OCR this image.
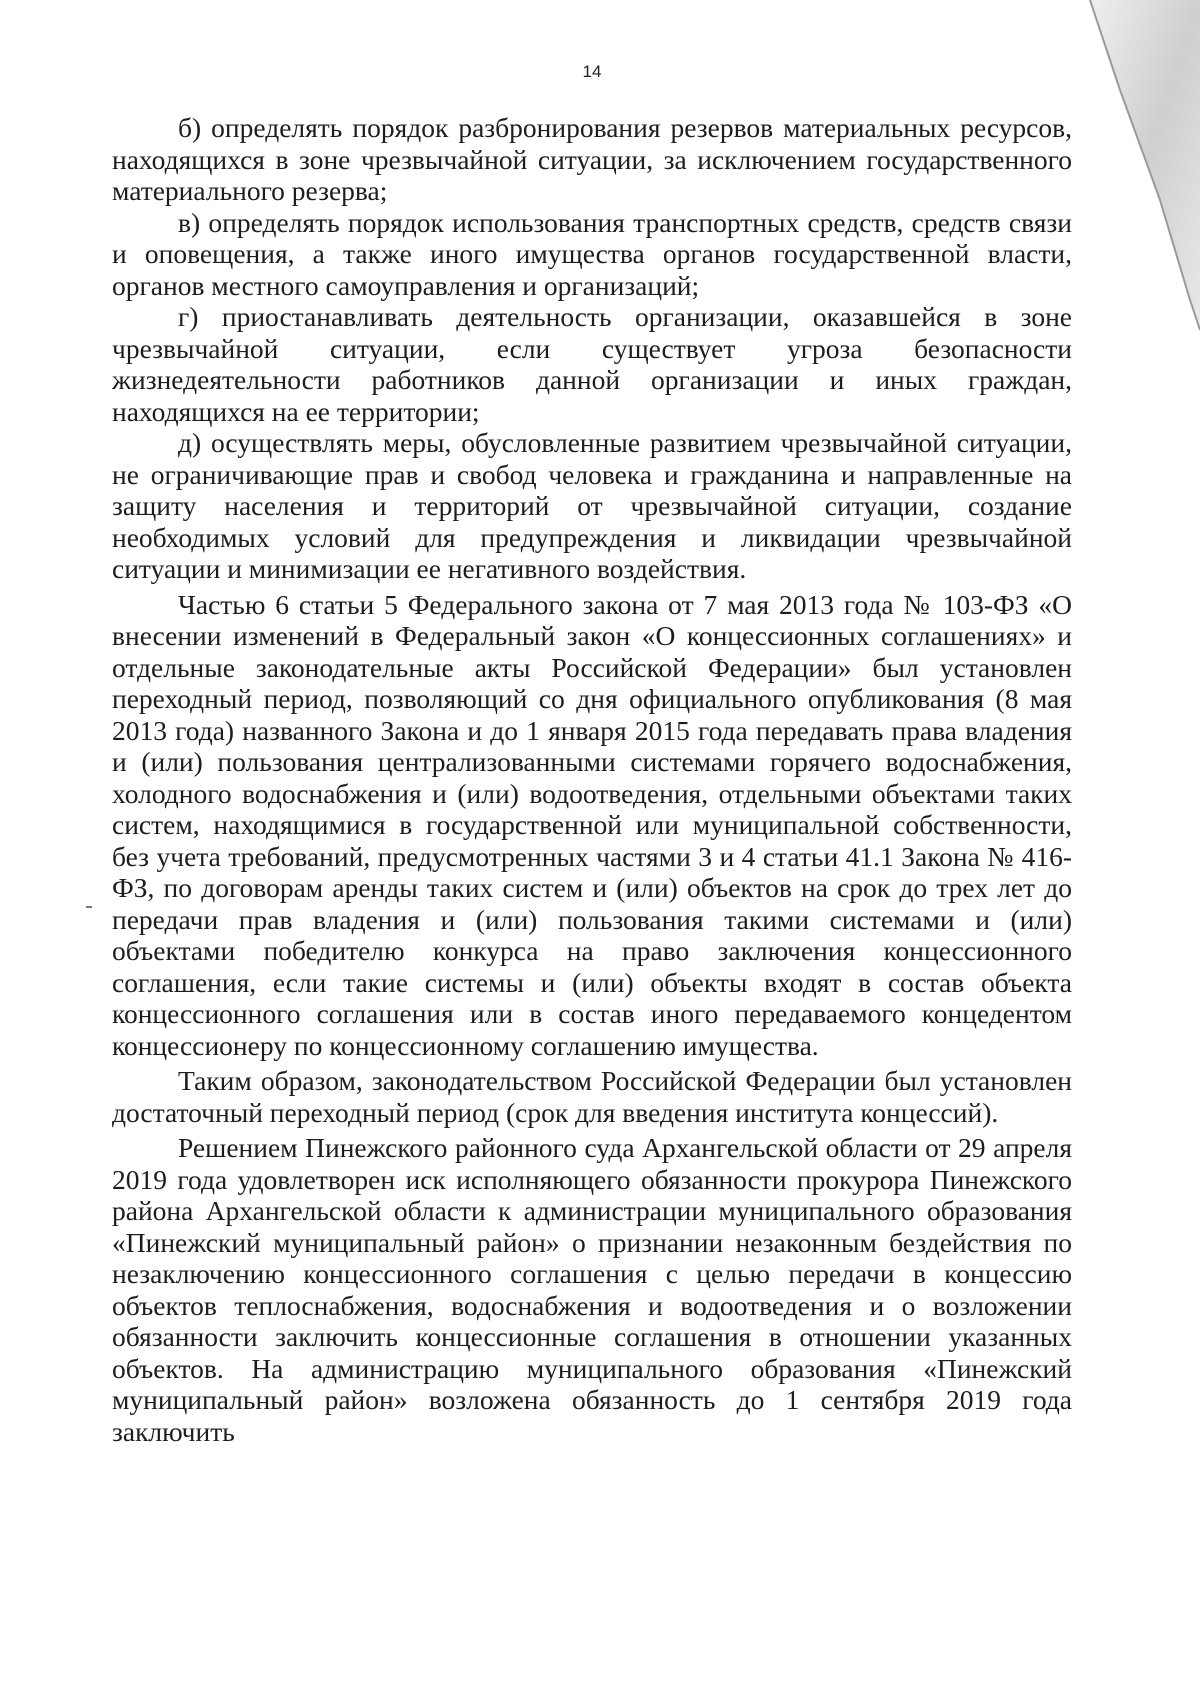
14

б) определять порядок разбронирования резервов материальных ресурсов, находящихся в зоне чрезвычайной ситуации, за исключением государственного материального резерва;

в) определять порядок использования транспортных средств, средств связи и оповещения, а также иного имущества органов государственной власти, органов местного самоуправления и организаций;

г) приостанавливать деятельность организации, оказавшейся в зоне чрезвычайной ситуации, если существует угроза безопасности жизнедеятельности работников данной организации и иных граждан, находящихся на ее территории;

д) осуществлять меры, обусловленные развитием чрезвычайной ситуации, не ограничивающие прав и свобод человека и гражданина и направленные на защиту населения и территорий от чрезвычайной ситуации, создание необходимых условий для предупреждения и ликвидации чрезвычайной ситуации и минимизации ее негативного воздействия.

Частью 6 статьи 5 Федерального закона от 7 мая 2013 года № 103-ФЗ «О внесении изменений в Федеральный закон «О концессионных соглашениях» и отдельные законодательные акты Российской Федерации» был установлен переходный период, позволяющий со дня официального опубликования (8 мая 2013 года) названного Закона и до 1 января 2015 года передавать права владения и (или) пользования централизованными системами горячего водоснабжения, холодного водоснабжения и (или) водоотведения, отдельными объектами таких систем, находящимися в государственной или муниципальной собственности, без учета требований, предусмотренных частями 3 и 4 статьи 41.1 Закона № 416-ФЗ, по договорам аренды таких систем и (или) объектов на срок до трех лет до передачи прав владения и (или) пользования такими системами и (или) объектами победителю конкурса на право заключения концессионного соглашения, если такие системы и (или) объекты входят в состав объекта концессионного соглашения или в состав иного передаваемого концедентом концессионеру по концессионному соглашению имущества.

Таким образом, законодательством Российской Федерации был установлен достаточный переходный период (срок для введения института концессий).

Решением Пинежского районного суда Архангельской области от 29 апреля 2019 года удовлетворен иск исполняющего обязанности прокурора Пинежского района Архангельской области к администрации муниципального образования «Пинежский муниципальный район» о признании незаконным бездействия по незаключению концессионного соглашения с целью передачи в концессию объектов теплоснабжения, водоснабжения и водоотведения и о возложении обязанности заключить концессионные соглашения в отношении указанных объектов. На администрацию муниципального образования «Пинежский муниципальный район» возложена обязанность до 1 сентября 2019 года заключить
